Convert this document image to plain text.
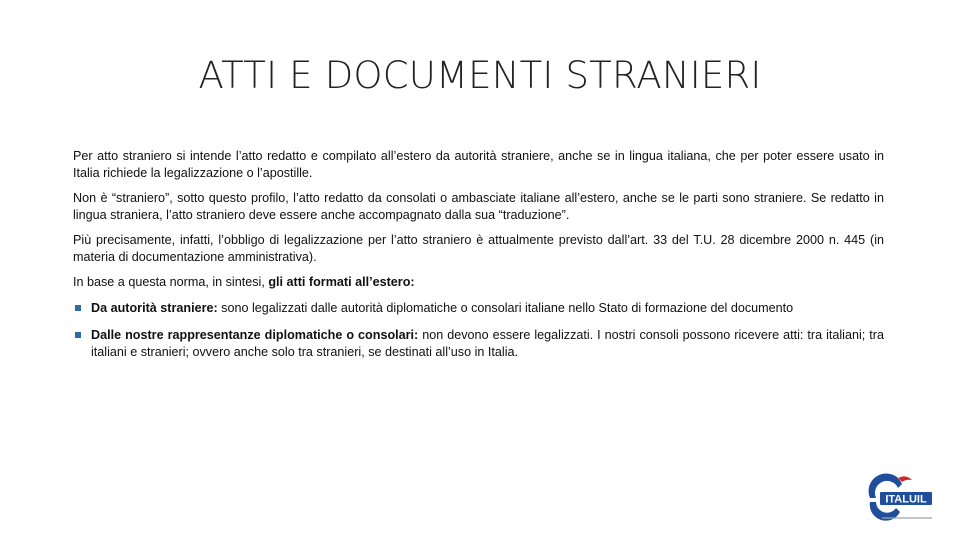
ATTI E DOCUMENTI STRANIERI

Per atto straniero si intende l’atto redatto e compilato all’estero da autorità straniere, anche se in lingua italiana, che per poter essere usato in Italia richiede la legalizzazione o l’apostille.

Non è “straniero”, sotto questo profilo, l’atto redatto da consolati o ambasciate italiane all’estero, anche se le parti sono straniere. Se redatto in lingua straniera, l’atto straniero deve essere anche accompagnato dalla sua “traduzione”.

Più precisamente, infatti, l’obbligo di legalizzazione per l’atto straniero è attualmente previsto dall’art. 33 del T.U. 28 dicembre 2000 n. 445 (in materia di documentazione amministrativa).

In base a questa norma, in sintesi, gli atti formati all’estero:

Da autorità straniere: sono legalizzati dalle autorità diplomatiche o consolari italiane nello Stato di formazione del documento
Dalle nostre rappresentanze diplomatiche o consolari: non devono essere legalizzati. I nostri consoli possono ricevere atti: tra italiani; tra italiani e stranieri; ovvero anche solo tra stranieri, se destinati all’uso in Italia.
ITALUIL
